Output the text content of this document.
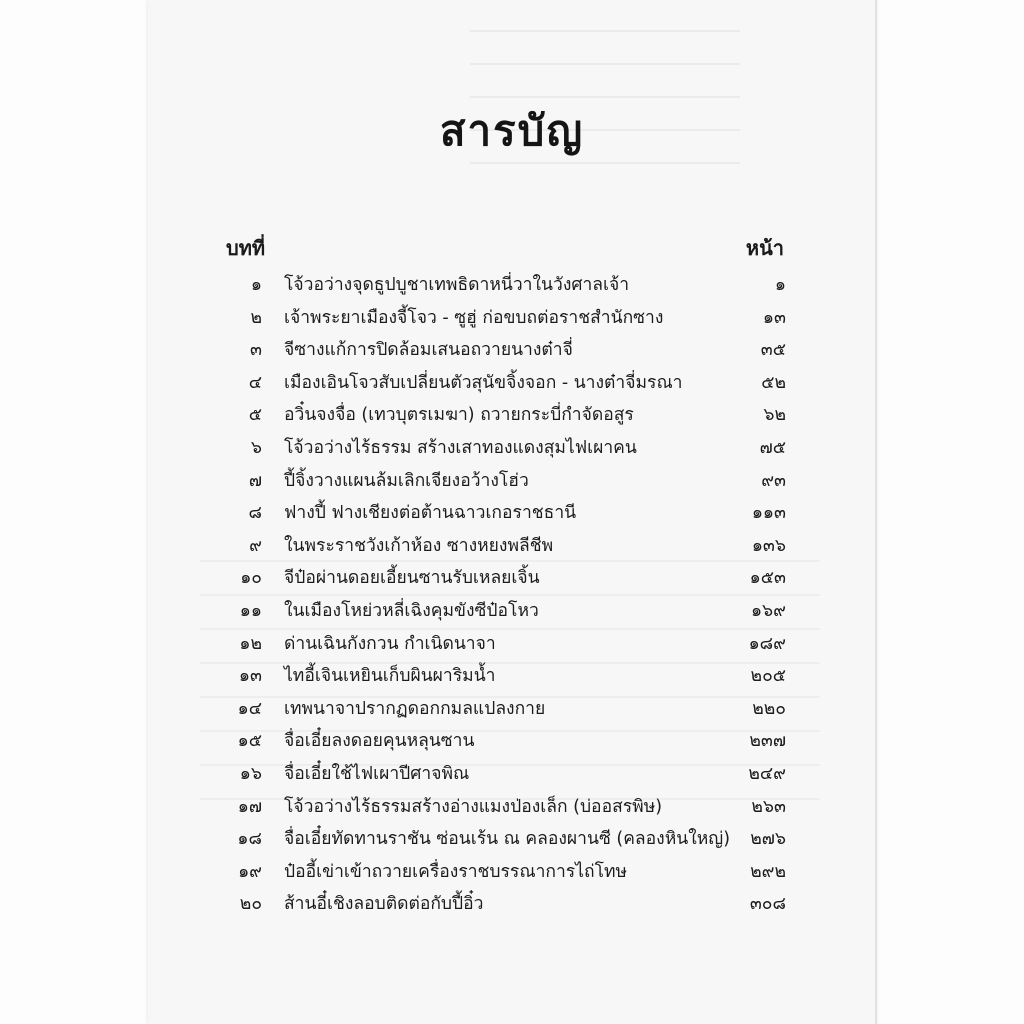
สารบัญ
บทที่	หน้า
๑ โจ้วอว่างจุดธูปบูชาเทพธิดาหนี่วาในวังศาลเจ้า	๑
๒ เจ้าพระยาเมืองจี้โจว - ซูฮู่ ก่อขบถต่อราชสำนักซาง	๑๓
๓ จีซางแก้การปิดล้อมเสนอถวายนางต๋าจี่	๓๕
๔ เมืองเอินโจวสับเปลี่ยนตัวสุนัขจิ้งจอก - นางต๋าจี่มรณา	๕๒
๕ อวิ๋นจงจื่อ (เทวบุตรเมฆา) ถวายกระบี่กำจัดอสูร	๖๒
๖ โจ้วอว่างไร้ธรรม สร้างเสาทองแดงสุมไฟเผาคน	๗๕
๗ ปี้จิ้งวางแผนล้มเลิกเจียงอว้างโฮ่ว	๙๓
๘ ฟางปี้ ฟางเชียงต่อต้านฉาวเกอราชธานี	๑๑๓
๙ ในพระราชวังเก้าห้อง ซางหยงพลีชีพ	๑๓๖
๑๐ จีป๋อผ่านดอยเอี้ยนซานรับเหลยเจิ้น	๑๕๓
๑๑ ในเมืองโหย่วหลี่เฉิงคุมขังซีป๋อโหว	๑๖๙
๑๒ ด่านเฉินกังกวน กำเนิดนาจา	๑๘๙
๑๓ ไทอี้เจินเหยินเก็บผินผาริมน้ำ	๒๐๕
๑๔ เทพนาจาปรากฏดอกกมลแปลงกาย	๒๒๐
๑๕ จื่อเอี๋ยลงดอยคุนหลุนซาน	๒๓๗
๑๖ จื่อเอี๋ยใช้ไฟเผาปีศาจพิณ	๒๔๙
๑๗ โจ้วอว่างไร้ธรรมสร้างอ่างแมงป่องเล็ก (บ่ออสรพิษ)	๒๖๓
๑๘ จื่อเอี๋ยทัดทานราชัน ซ่อนเร้น ณ คลองผานซี (คลองหินใหญ่) ๒๗๖
๑๙ ป๋ออี้เข่าเข้าถวายเครื่องราชบรรณาการไถ่โทษ	๒๙๒
๒๐ ส้านอี๋เชิงลอบติดต่อกับปี้อิ๋ว	๓๐๘
